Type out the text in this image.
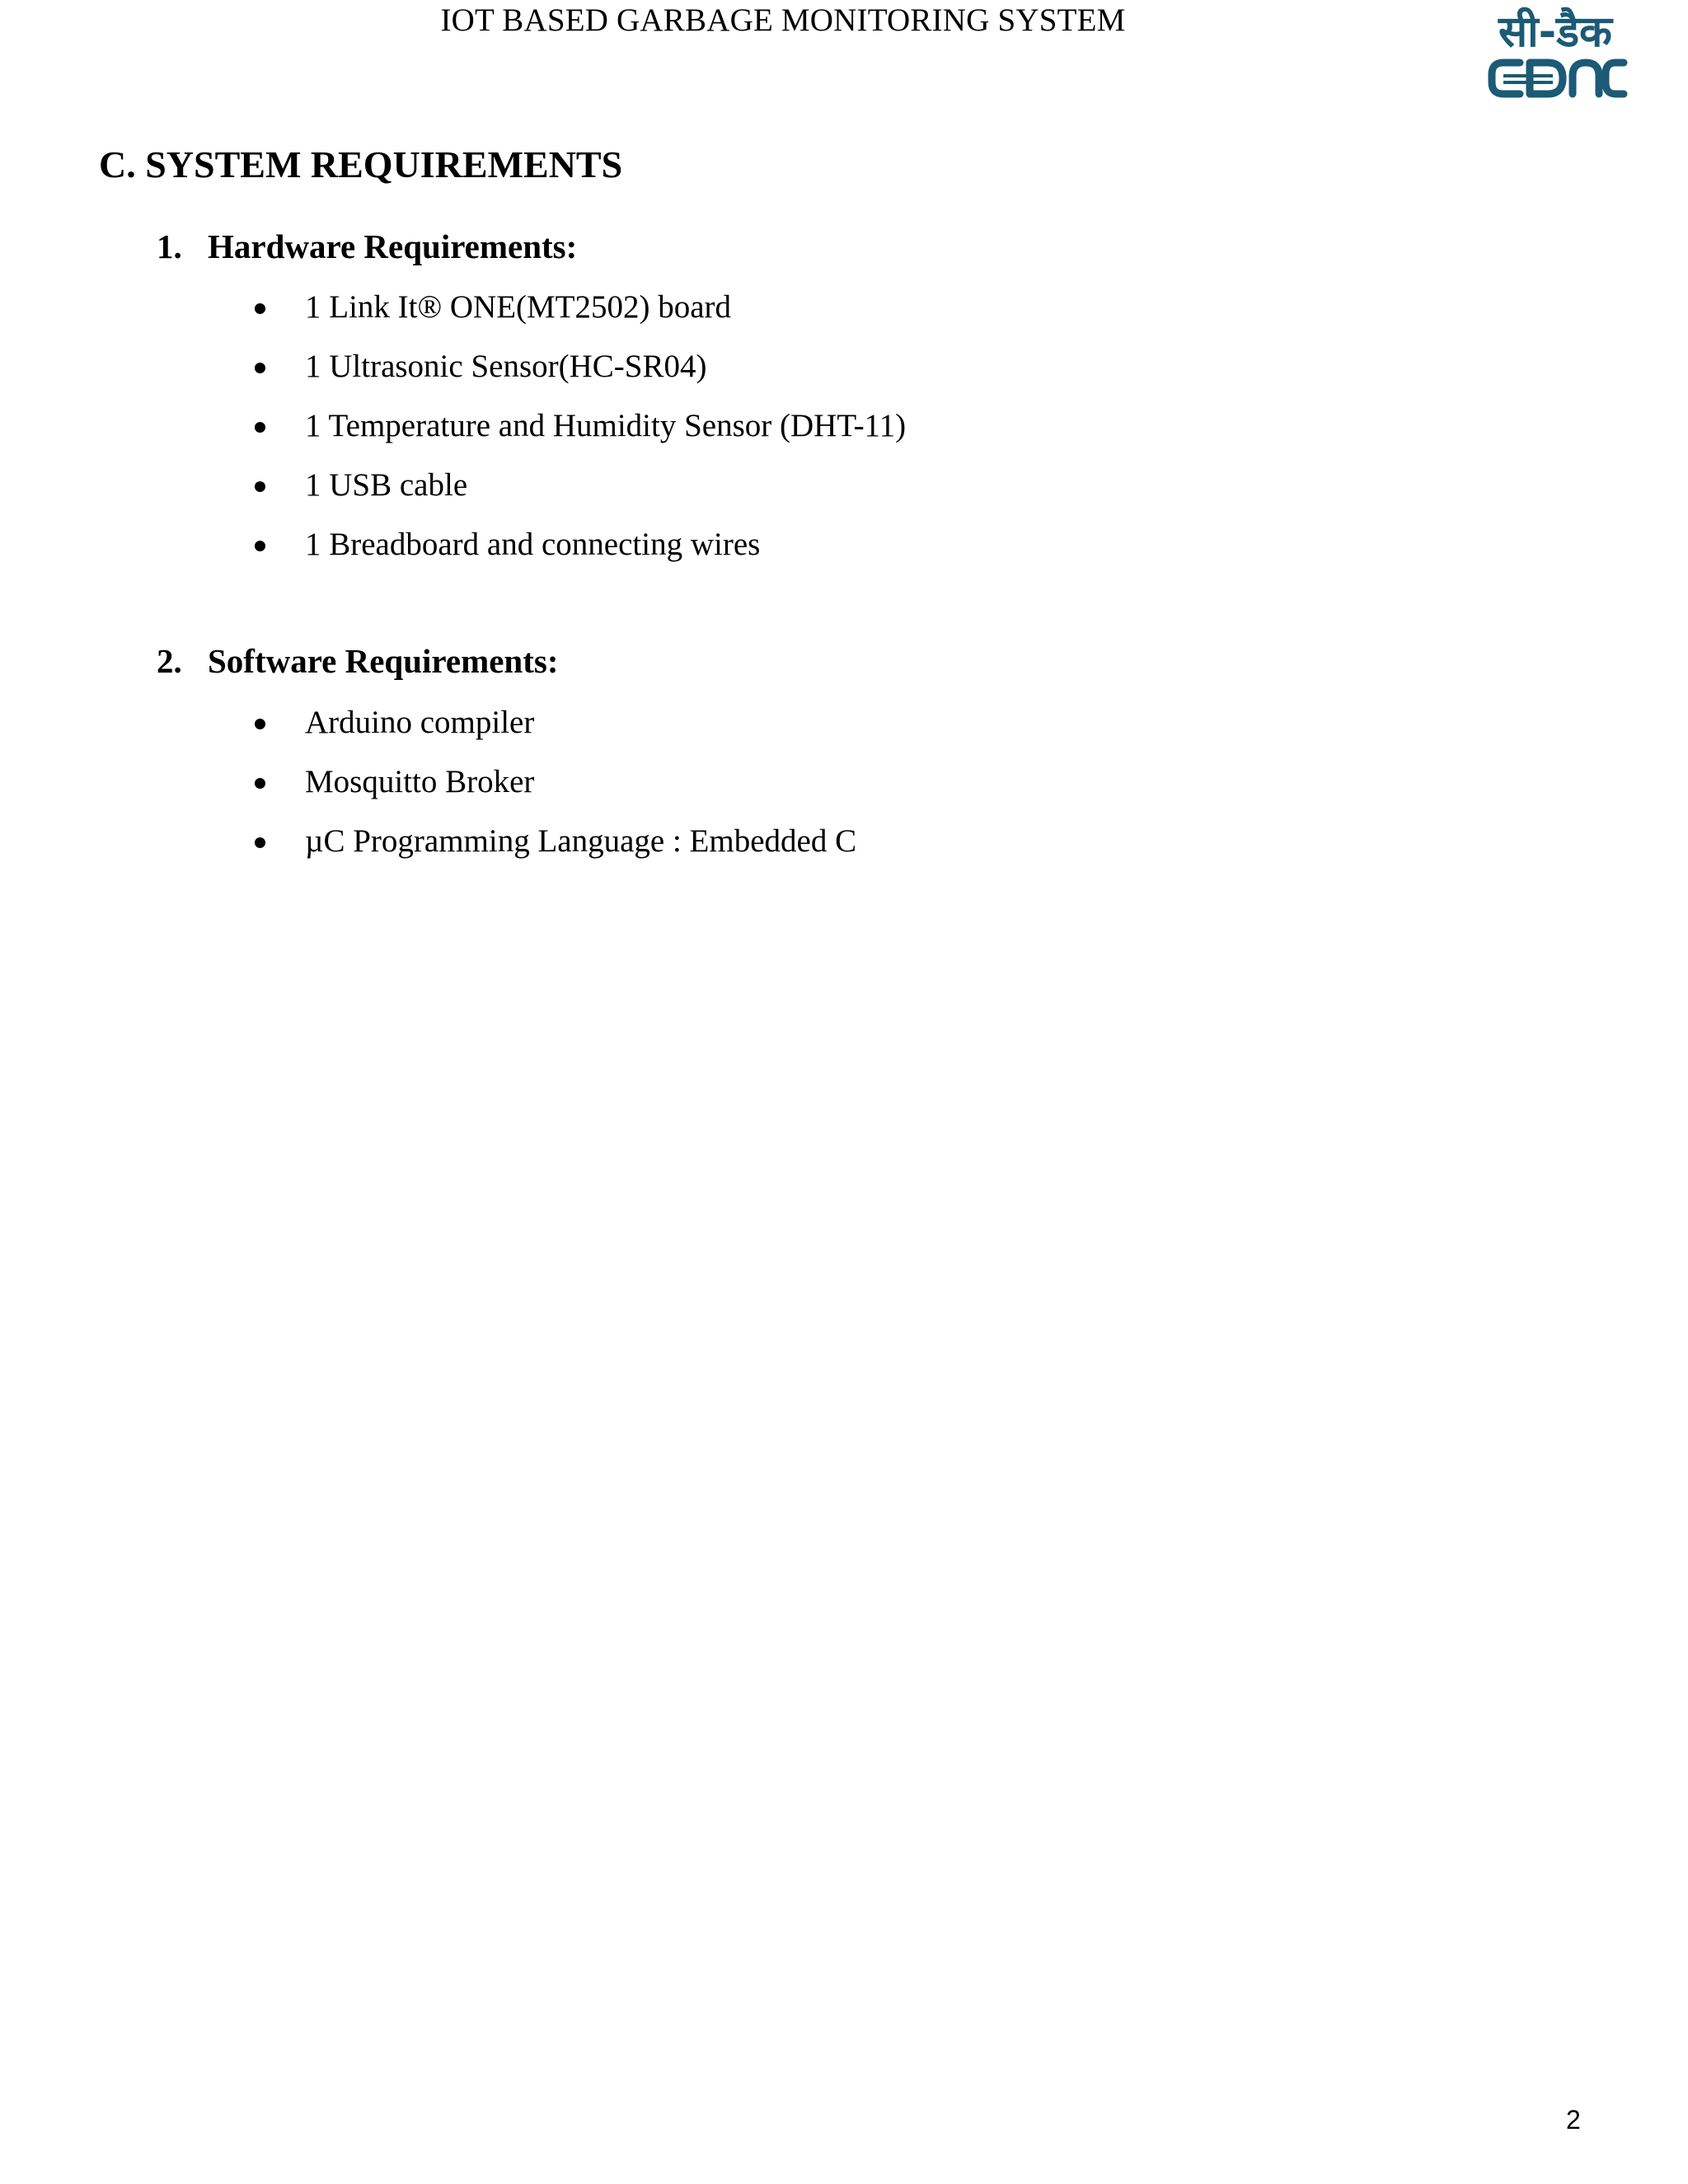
IOT BASED GARBAGE MONITORING SYSTEM	सी-डैक
C. SYSTEM REQUIREMENTS
1. Hardware Requirements:
1 Link It® ONE(MT2502) board
1 Ultrasonic Sensor(HC-SR04)
1 Temperature and Humidity Sensor (DHT-11)
1 USB cable
1 Breadboard and connecting wires
2. Software Requirements:
Arduino compiler
Mosquitto Broker
µC Programming Language : Embedded C
2
